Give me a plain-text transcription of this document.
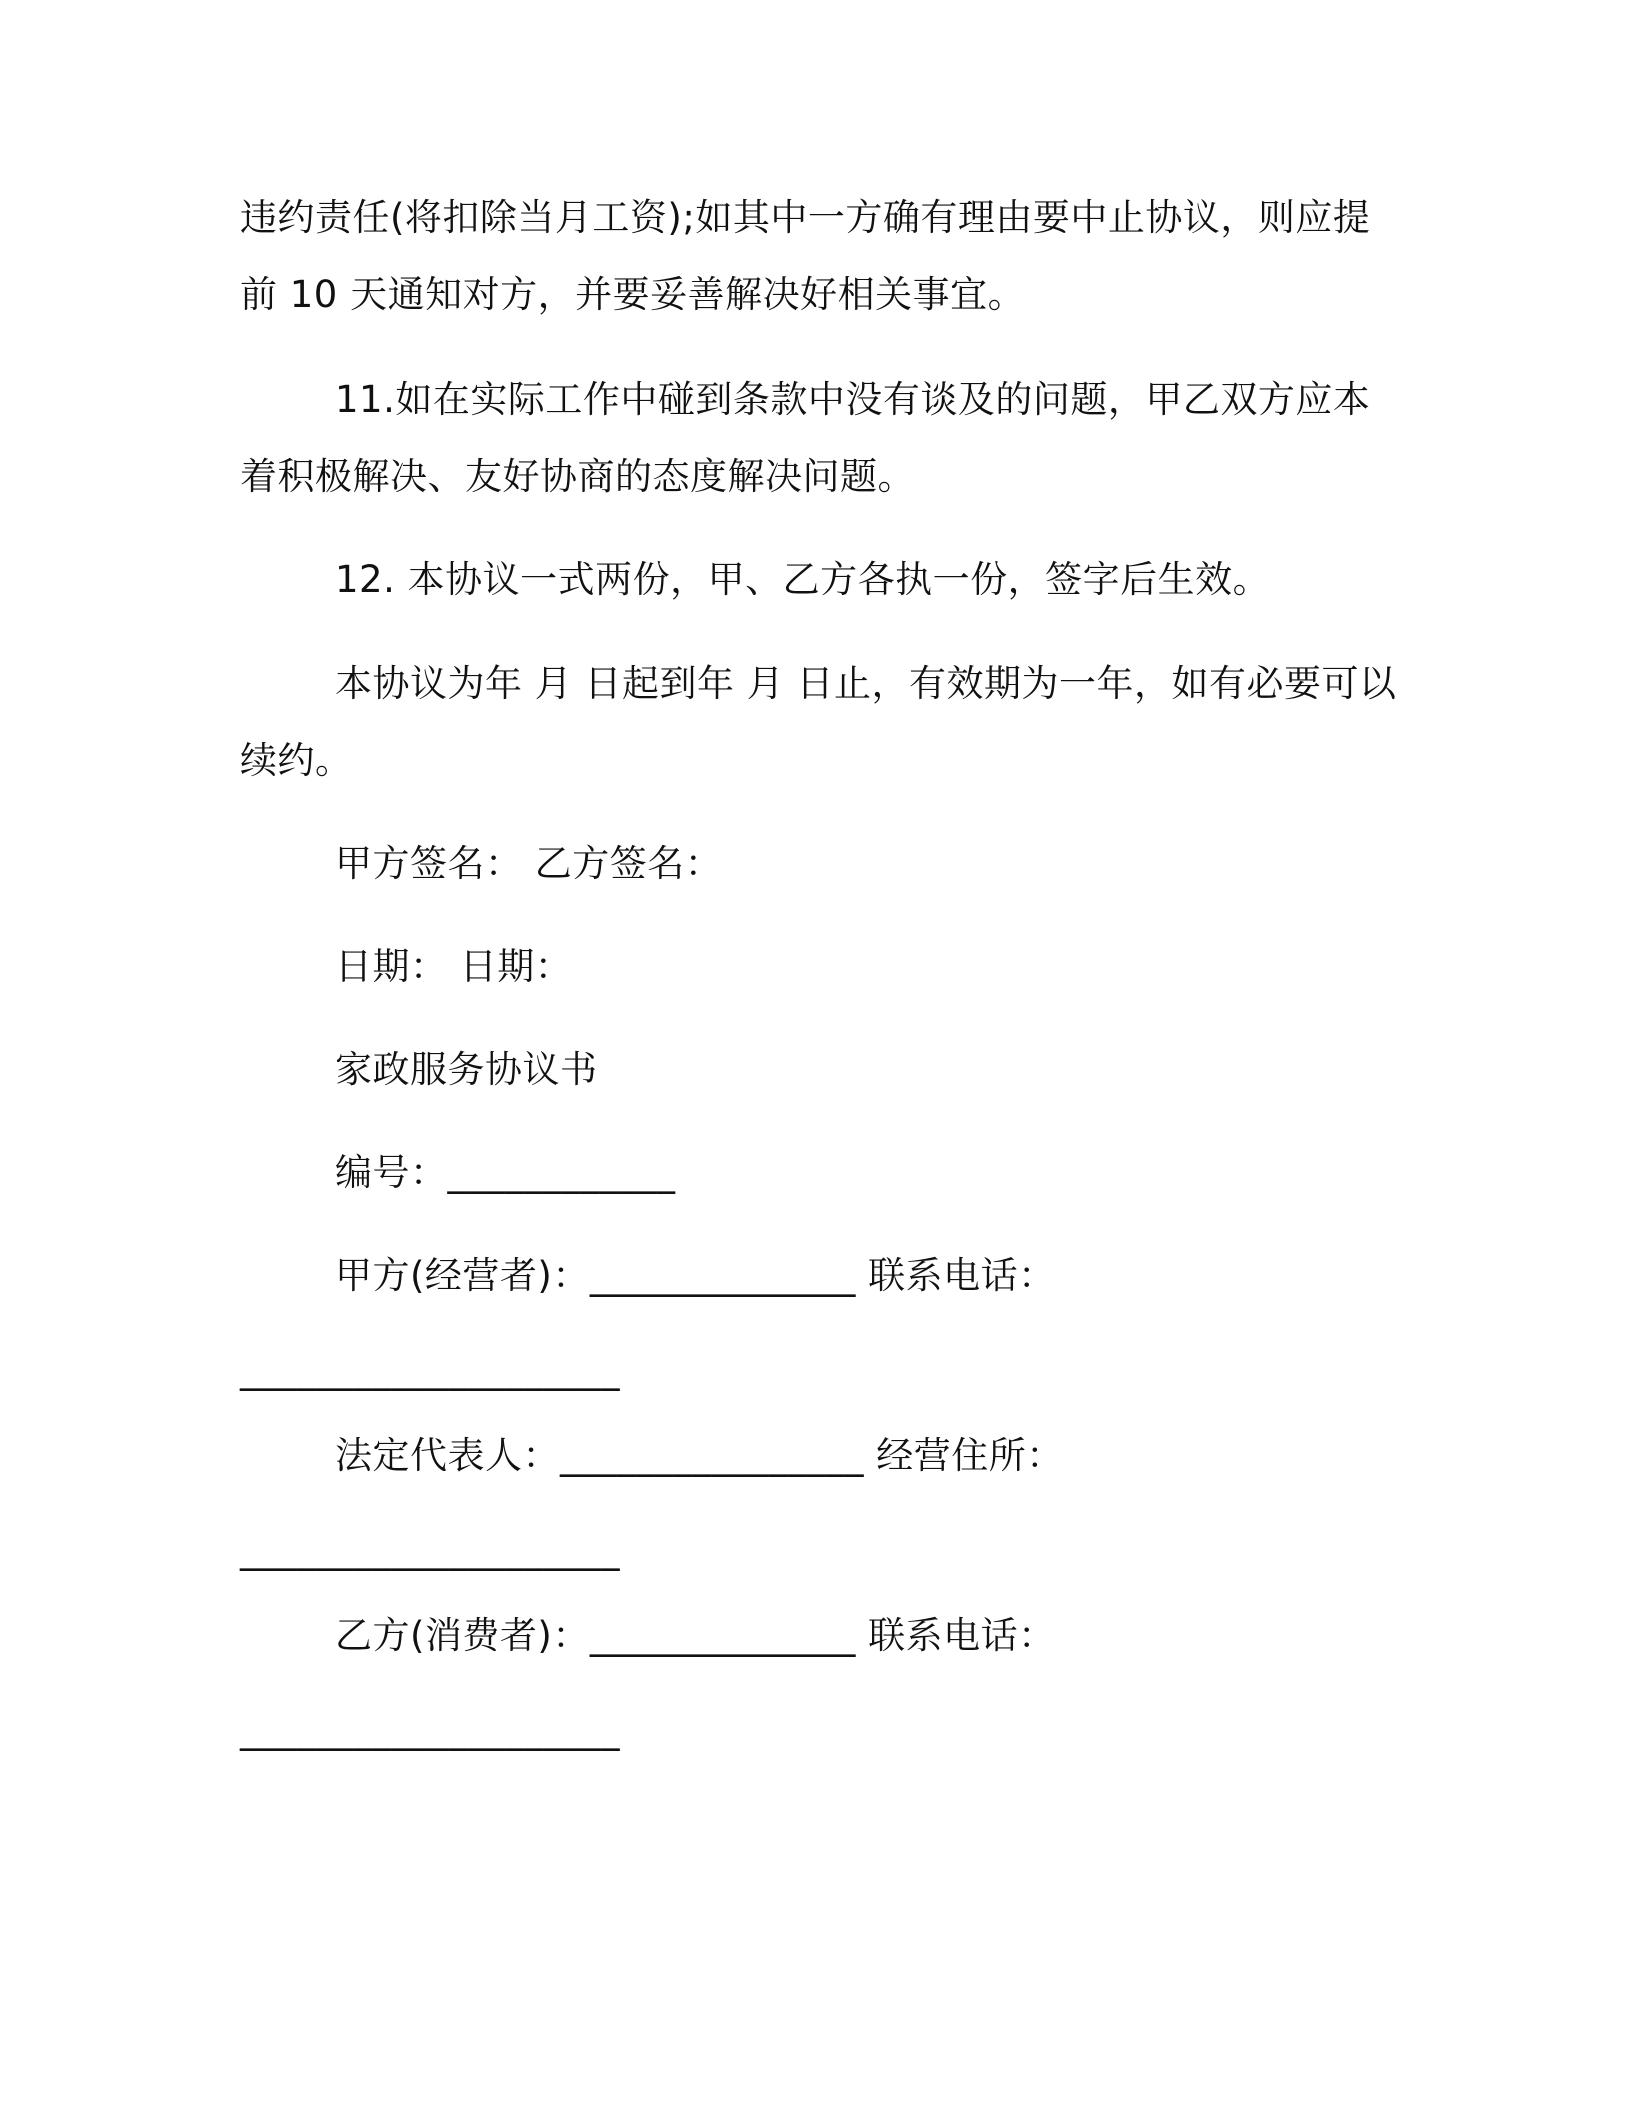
违约责任(将扣除当月工资);如其中一方确有理由要中止协议，则应提
前 10 天通知对方，并要妥善解决好相关事宜。
11.如在实际工作中碰到条款中没有谈及的问题，甲乙双方应本
着积极解决、友好协商的态度解决问题。
12. 本协议一式两份，甲、乙方各执一份，签字后生效。
本协议为年 月 日起到年 月 日止，有效期为一年，如有必要可以
续约。
甲方签名： 乙方签名：
日期： 日期：
家政服务协议书
编号：____________
甲方(经营者)：______________ 联系电话：
____________________
法定代表人：________________ 经营住所：
____________________
乙方(消费者)：______________ 联系电话：
____________________
